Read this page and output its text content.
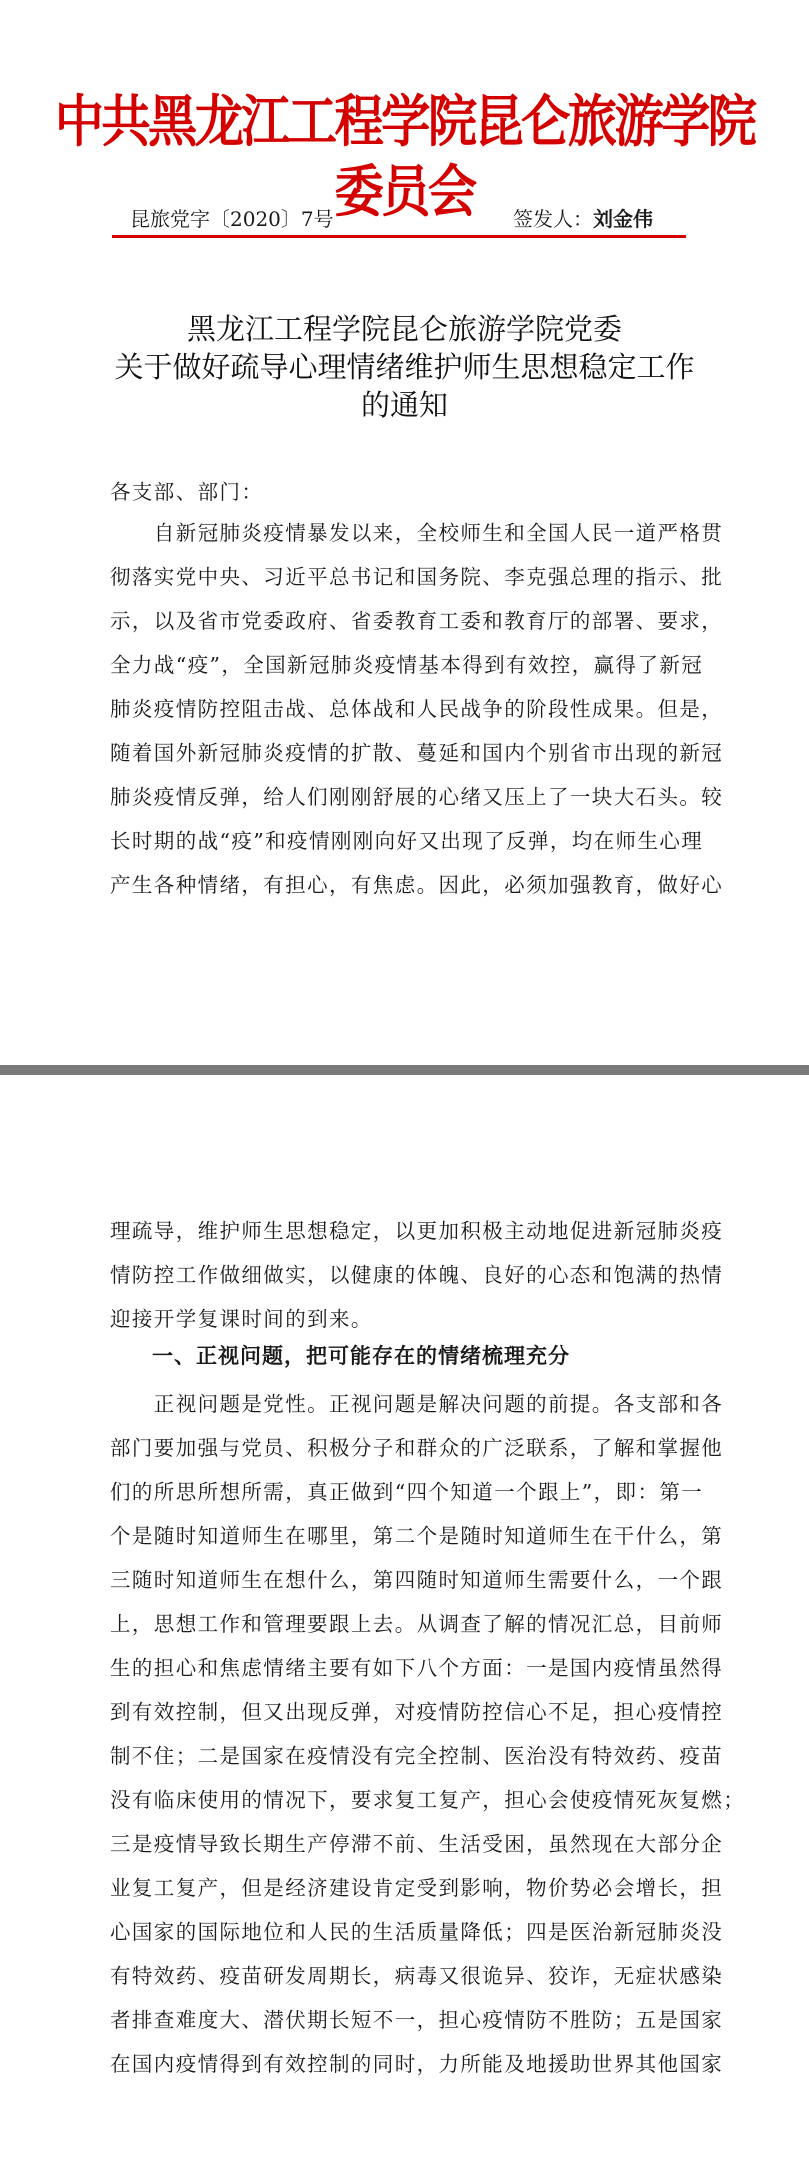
中共黑龙江工程学院昆仑旅游学院委员会
昆旅党字〔2020〕7号	签发人：刘金伟
黑龙江工程学院昆仑旅游学院党委
关于做好疏导心理情绪维护师生思想稳定工作
的通知
各支部、部门：
　　自新冠肺炎疫情暴发以来，全校师生和全国人民一道严格贯
彻落实党中央、习近平总书记和国务院、李克强总理的指示、批
示，以及省市党委政府、省委教育工委和教育厅的部署、要求，
全力战“疫”，全国新冠肺炎疫情基本得到有效控，赢得了新冠
肺炎疫情防控阻击战、总体战和人民战争的阶段性成果。但是，
随着国外新冠肺炎疫情的扩散、蔓延和国内个别省市出现的新冠
肺炎疫情反弹，给人们刚刚舒展的心绪又压上了一块大石头。较
长时期的战“疫”和疫情刚刚向好又出现了反弹，均在师生心理
产生各种情绪，有担心，有焦虑。因此，必须加强教育，做好心
理疏导，维护师生思想稳定，以更加积极主动地促进新冠肺炎疫
情防控工作做细做实，以健康的体魄、良好的心态和饱满的热情
迎接开学复课时间的到来。
一、正视问题，把可能存在的情绪梳理充分
　　正视问题是党性。正视问题是解决问题的前提。各支部和各
部门要加强与党员、积极分子和群众的广泛联系，了解和掌握他
们的所思所想所需，真正做到“四个知道一个跟上”，即：第一
个是随时知道师生在哪里，第二个是随时知道师生在干什么，第
三随时知道师生在想什么，第四随时知道师生需要什么，一个跟
上，思想工作和管理要跟上去。从调查了解的情况汇总，目前师
生的担心和焦虑情绪主要有如下八个方面：一是国内疫情虽然得
到有效控制，但又出现反弹，对疫情防控信心不足，担心疫情控
制不住；二是国家在疫情没有完全控制、医治没有特效药、疫苗
没有临床使用的情况下，要求复工复产，担心会使疫情死灰复燃；
三是疫情导致长期生产停滞不前、生活受困，虽然现在大部分企
业复工复产，但是经济建设肯定受到影响，物价势必会增长，担
心国家的国际地位和人民的生活质量降低；四是医治新冠肺炎没
有特效药、疫苗研发周期长，病毒又很诡异、狡诈，无症状感染
者排查难度大、潜伏期长短不一，担心疫情防不胜防；五是国家
在国内疫情得到有效控制的同时，力所能及地援助世界其他国家
